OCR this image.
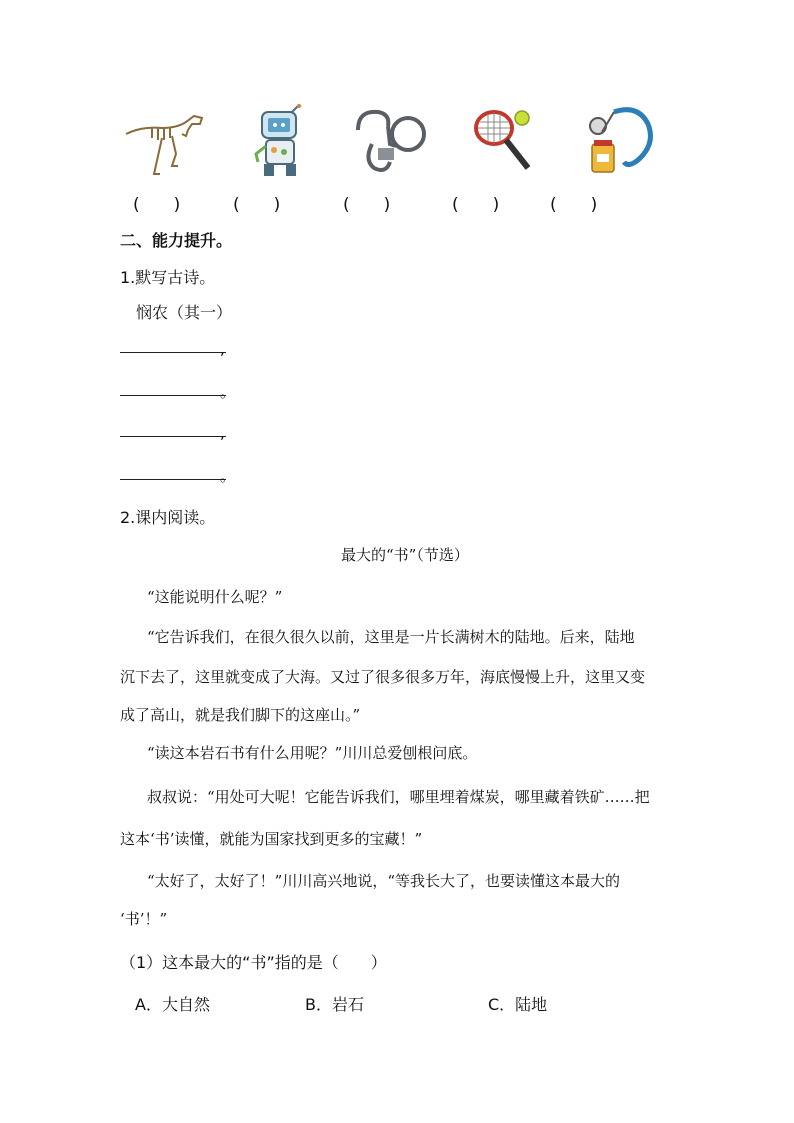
(　　)	(　　)	(　　)	(　　)	(　　)
二、能力提升。
1.默写古诗。
悯农（其一）
,
。
,
。
2.课内阅读。
最大的“书”（节选）
“这能说明什么呢？”
“它告诉我们，在很久很久以前，这里是一片长满树木的陆地。后来，陆地
沉下去了，这里就变成了大海。又过了很多很多万年，海底慢慢上升，这里又变
成了高山，就是我们脚下的这座山。”
“读这本岩石书有什么用呢？”川川总爱刨根问底。
叔叔说：“用处可大呢！它能告诉我们，哪里埋着煤炭，哪里藏着铁矿……把
这本‘书’读懂，就能为国家找到更多的宝藏！”
“太好了，太好了！”川川高兴地说，“等我长大了，也要读懂这本最大的
‘书’！”
（1）这本最大的“书”指的是（　　）
A．大自然	B．岩石	C．陆地
